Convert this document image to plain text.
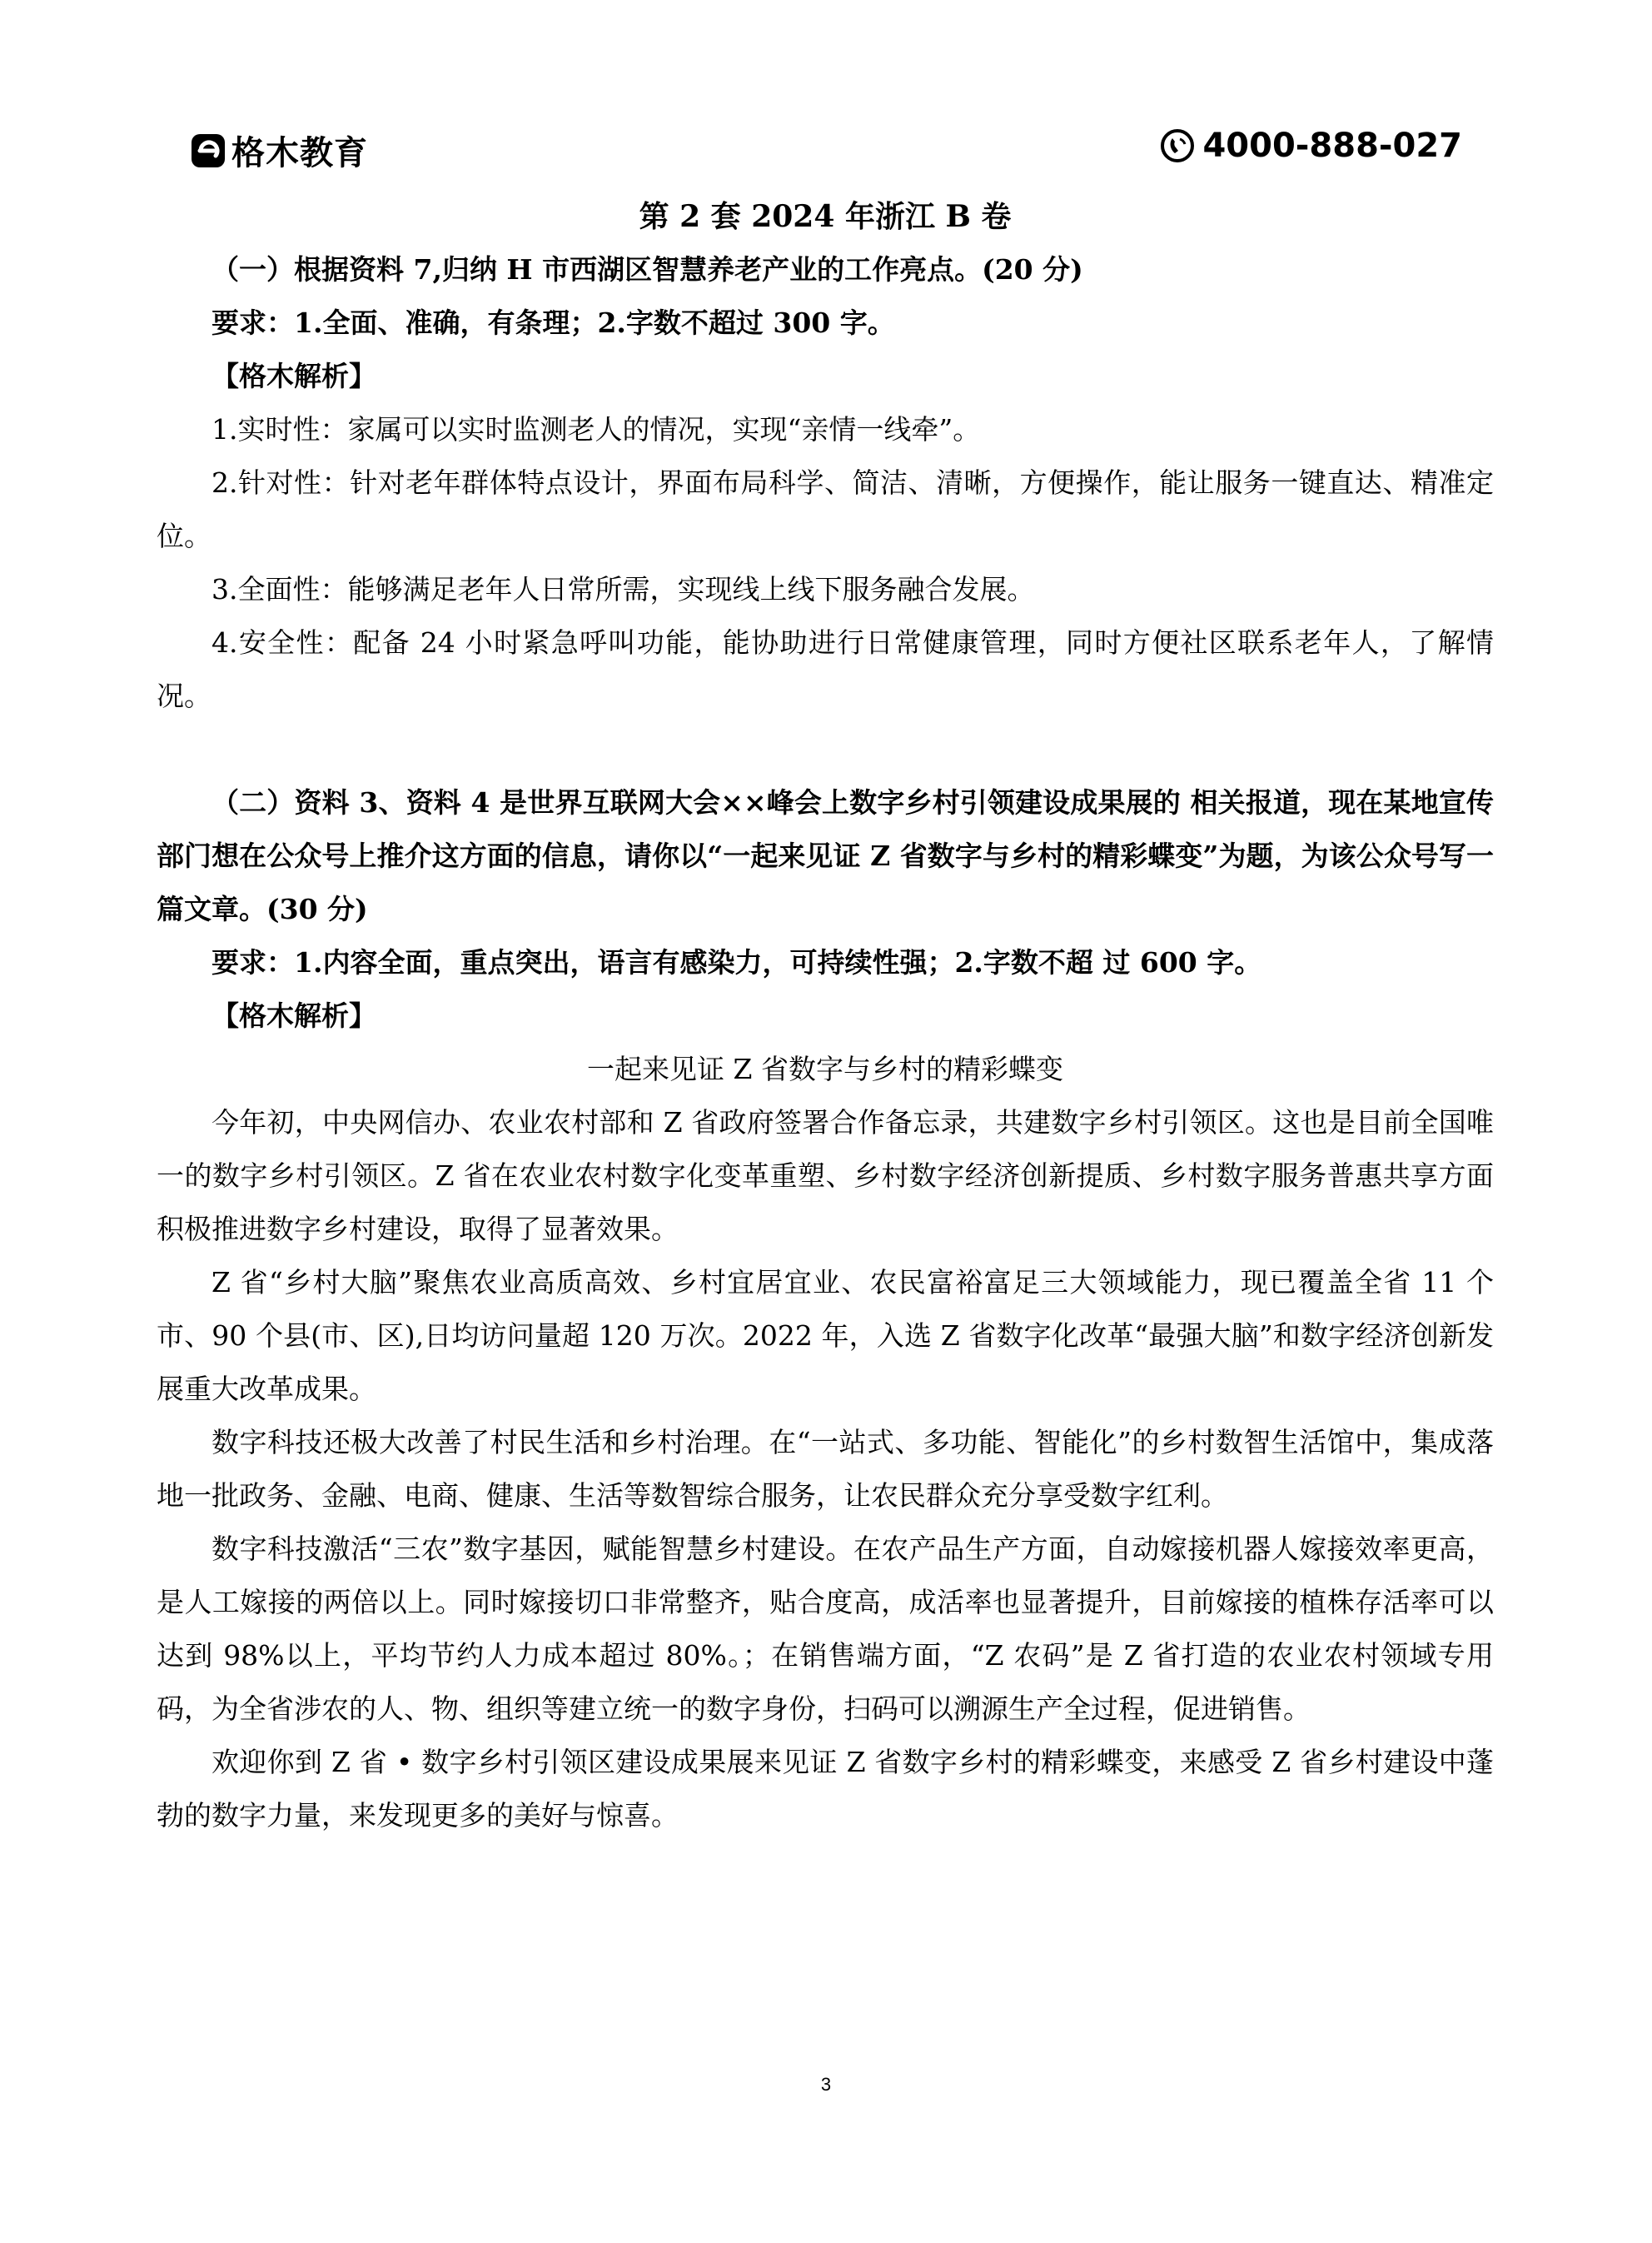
格木教育	4000-888-027

第 2 套 2024 年浙江 B 卷

（一）根据资料 7,归纳 H 市西湖区智慧养老产业的工作亮点。(20 分)

要求：1.全面、准确，有条理；2.字数不超过 300 字。

【格木解析】

1.实时性：家属可以实时监测老人的情况，实现“亲情一线牵”。

2.针对性：针对老年群体特点设计，界面布局科学、简洁、清晰，方便操作，能让服务一键直达、精准定位。

3.全面性：能够满足老年人日常所需，实现线上线下服务融合发展。

4.安全性：配备 24 小时紧急呼叫功能，能协助进行日常健康管理，同时方便社区联系老年人，了解情况。

（二）资料 3、资料 4 是世界互联网大会××峰会上数字乡村引领建设成果展的 相关报道，现在某地宣传部门想在公众号上推介这方面的信息，请你以“一起来见证 Z 省数字与乡村的精彩蝶变”为题，为该公众号写一篇文章。(30 分)

要求：1.内容全面，重点突出，语言有感染力，可持续性强；2.字数不超 过 600 字。

【格木解析】

一起来见证 Z 省数字与乡村的精彩蝶变

今年初，中央网信办、农业农村部和 Z 省政府签署合作备忘录，共建数字乡村引领区。这也是目前全国唯一的数字乡村引领区。Z 省在农业农村数字化变革重塑、乡村数字经济创新提质、乡村数字服务普惠共享方面积极推进数字乡村建设，取得了显著效果。

Z 省“乡村大脑”聚焦农业高质高效、乡村宜居宜业、农民富裕富足三大领域能力，现已覆盖全省 11 个市、90 个县(市、区),日均访问量超 120 万次。2022 年，入选 Z 省数字化改革“最强大脑”和数字经济创新发展重大改革成果。

数字科技还极大改善了村民生活和乡村治理。在“一站式、多功能、智能化”的乡村数智生活馆中，集成落地一批政务、金融、电商、健康、生活等数智综合服务，让农民群众充分享受数字红利。

数字科技激活“三农”数字基因，赋能智慧乡村建设。在农产品生产方面，自动嫁接机器人嫁接效率更高，是人工嫁接的两倍以上。同时嫁接切口非常整齐，贴合度高，成活率也显著提升，目前嫁接的植株存活率可以达到 98%以上，平均节约人力成本超过 80%。；在销售端方面，“Z 农码”是 Z 省打造的农业农村领域专用码，为全省涉农的人、物、组织等建立统一的数字身份，扫码可以溯源生产全过程，促进销售。

欢迎你到 Z 省 • 数字乡村引领区建设成果展来见证 Z 省数字乡村的精彩蝶变，来感受 Z 省乡村建设中蓬勃的数字力量，来发现更多的美好与惊喜。

3
